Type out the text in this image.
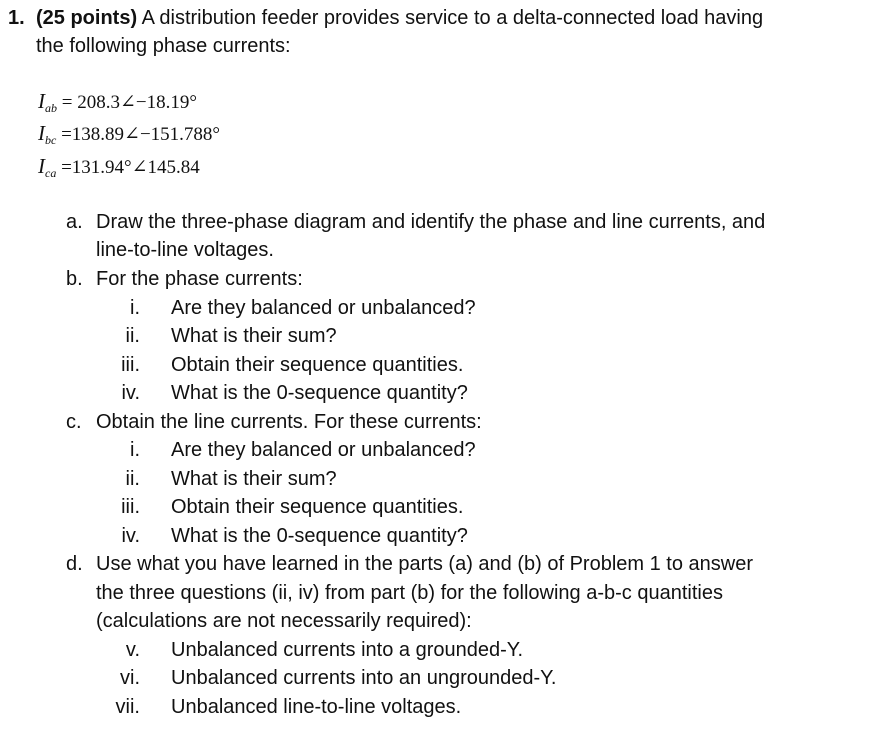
1. (25 points) A distribution feeder provides service to a delta-connected load having
the following phase currents:
$I_{ab}$ = 208.3∠−18.19°
$I_{bc}$ =138.89∠−151.788°
$I_{ca}$ =131.94°∠145.84
a. Draw the three-phase diagram and identify the phase and line currents, and
line-to-line voltages.
b. For the phase currents:
i. Are they balanced or unbalanced?
ii. What is their sum?
iii. Obtain their sequence quantities.
iv. What is the 0-sequence quantity?
c. Obtain the line currents. For these currents:
i. Are they balanced or unbalanced?
ii. What is their sum?
iii. Obtain their sequence quantities.
iv. What is the 0-sequence quantity?
d. Use what you have learned in the parts (a) and (b) of Problem 1 to answer
the three questions (ii, iv) from part (b) for the following a-b-c quantities
(calculations are not necessarily required):
v. Unbalanced currents into a grounded-Y.
vi. Unbalanced currents into an ungrounded-Y.
vii. Unbalanced line-to-line voltages.
